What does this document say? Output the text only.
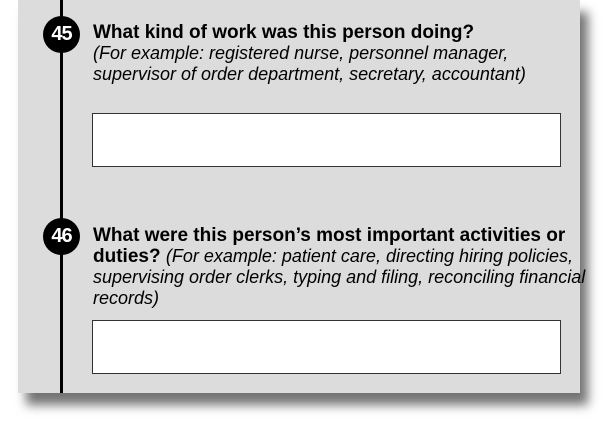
45	What kind of work was this person doing?
(For example: registered nurse, personnel manager, supervisor of order department, secretary, accountant)
46	What were this person’s most important activities or duties? (For example: patient care, directing hiring policies, supervising order clerks, typing and filing, reconciling financial records)
